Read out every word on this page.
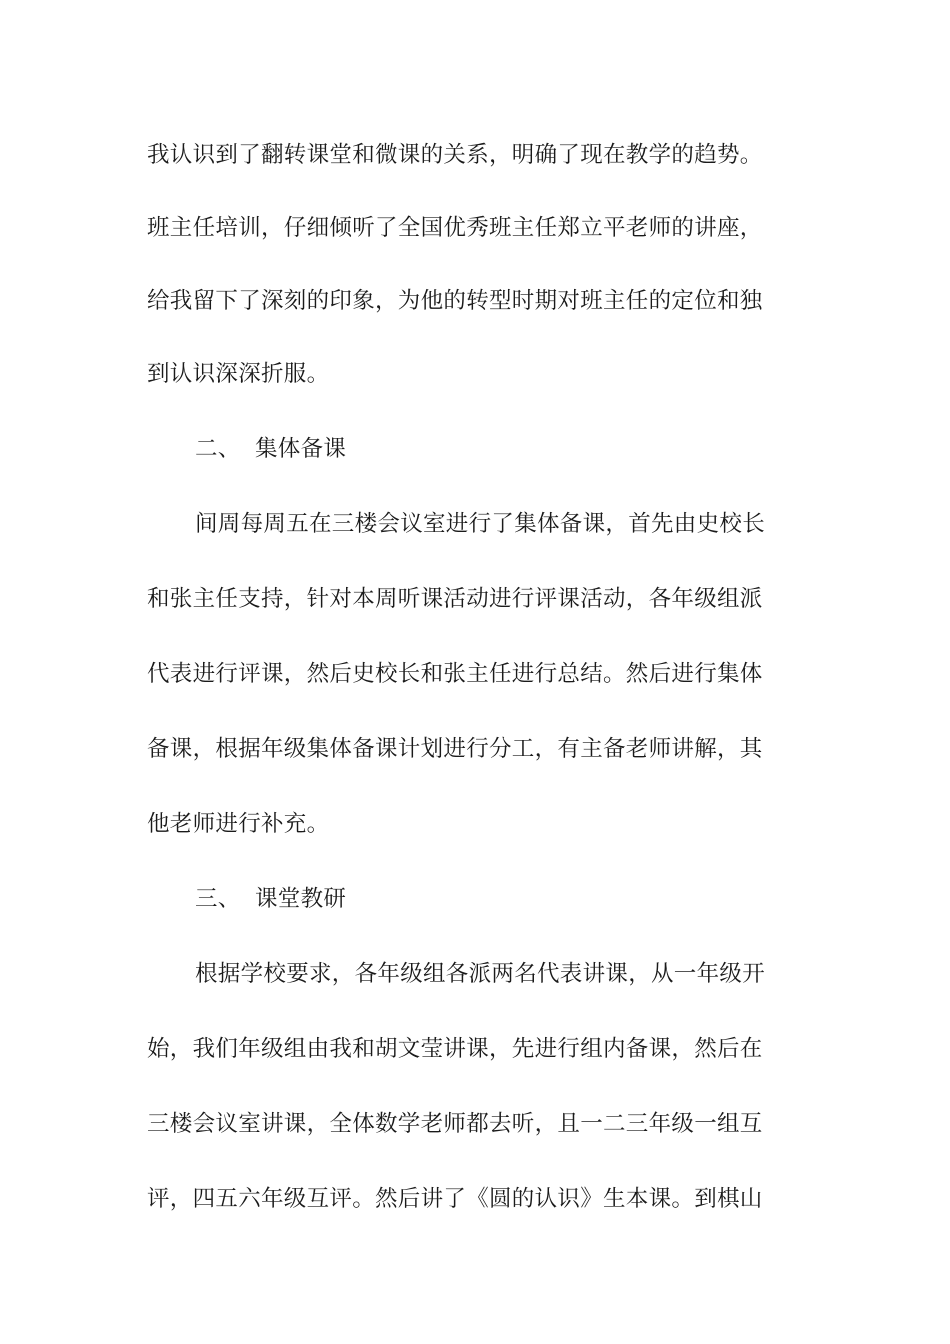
我认识到了翻转课堂和微课的关系，明确了现在教学的趋势。
班主任培训，仔细倾听了全国优秀班主任郑立平老师的讲座，
给我留下了深刻的印象，为他的转型时期对班主任的定位和独
到认识深深折服。
二、 集体备课
间周每周五在三楼会议室进行了集体备课，首先由史校长
和张主任支持，针对本周听课活动进行评课活动，各年级组派
代表进行评课，然后史校长和张主任进行总结。然后进行集体
备课，根据年级集体备课计划进行分工，有主备老师讲解，其
他老师进行补充。
三、 课堂教研
根据学校要求，各年级组各派两名代表讲课，从一年级开
始，我们年级组由我和胡文莹讲课，先进行组内备课，然后在
三楼会议室讲课，全体数学老师都去听，且一二三年级一组互
评，四五六年级互评。然后讲了《圆的认识》生本课。到棋山
